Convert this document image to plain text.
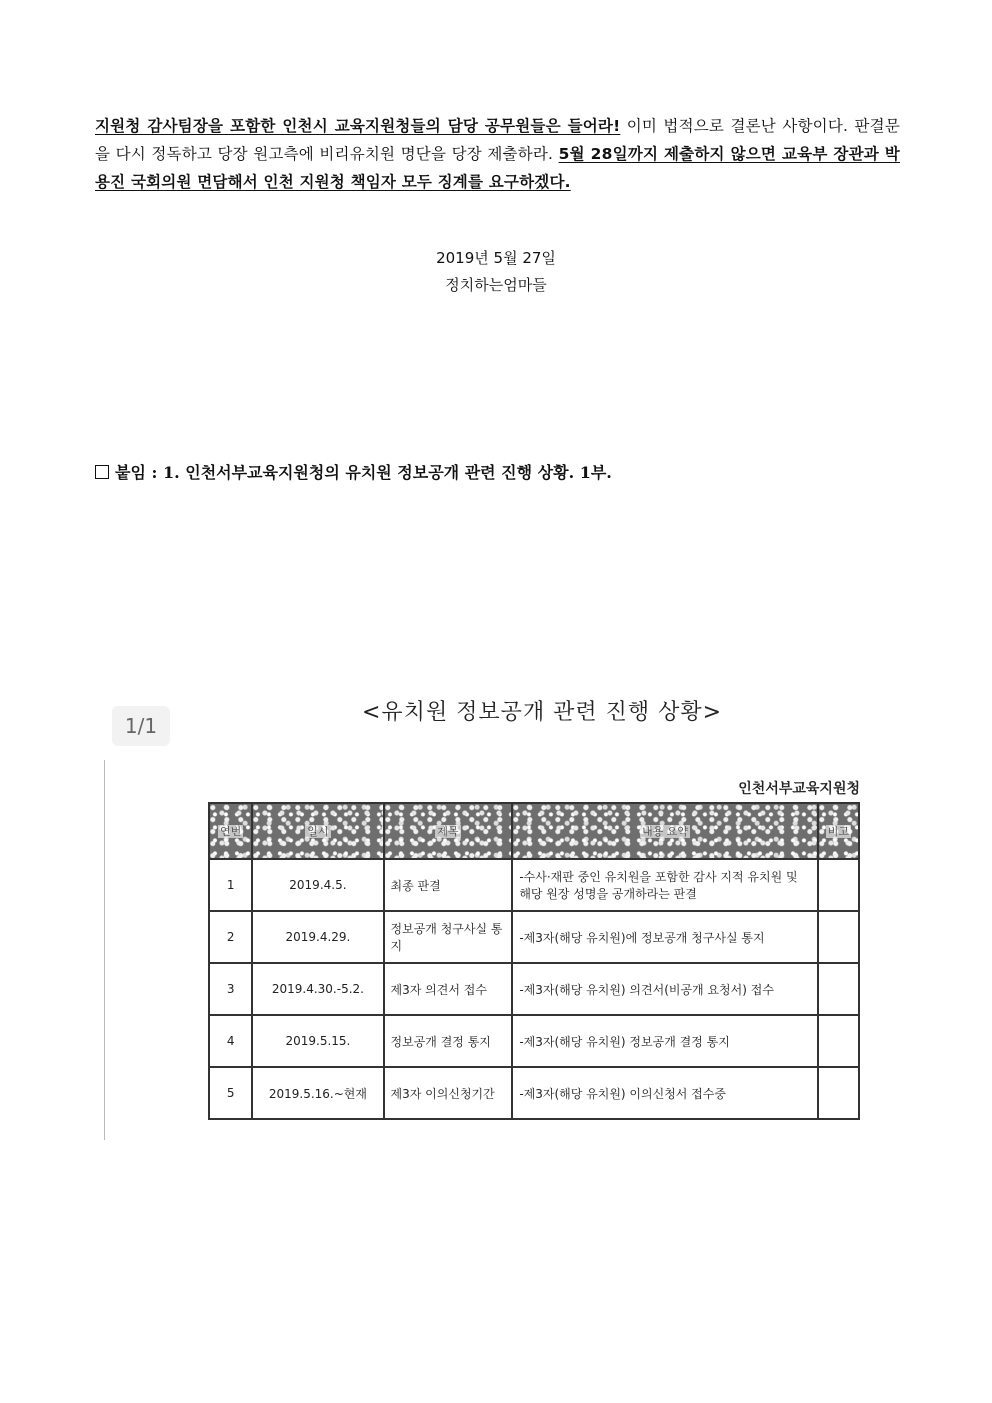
지원청 감사팀장을 포함한 인천시 교육지원청들의 담당 공무원들은 들어라! 이미 법적으로 결론난 사항이다. 판결문을 다시 정독하고 당장 원고측에 비리유치원 명단을 당장 제출하라. 5월 28일까지 제출하지 않으면 교육부 장관과 박용진 국회의원 면담해서 인천 지원청 책임자 모두 징계를 요구하겠다.
2019년 5월 27일
정치하는엄마들
붙임 : 1. 인천서부교육지원청의 유치원 정보공개 관련 진행 상황. 1부.
1/1
<유치원 정보공개 관련 진행 상황>
인천서부교육지원청
연번	일시	제목	내용 요약	비고
1	2019.4.5.	최종 판결	-수사·재판 중인 유치원을 포함한 감사 지적 유치원 및 해당 원장 성명을 공개하라는 판결	
2	2019.4.29.	정보공개 청구사실 통지	-제3자(해당 유치원)에 정보공개 청구사실 통지	
3	2019.4.30.-5.2.	제3자 의견서 접수	-제3자(해당 유치원) 의견서(비공개 요청서) 접수	
4	2019.5.15.	정보공개 결정 통지	-제3자(해당 유치원) 정보공개 결정 통지	
5	2019.5.16.~현재	제3자 이의신청기간	-제3자(해당 유치원) 이의신청서 접수중	
